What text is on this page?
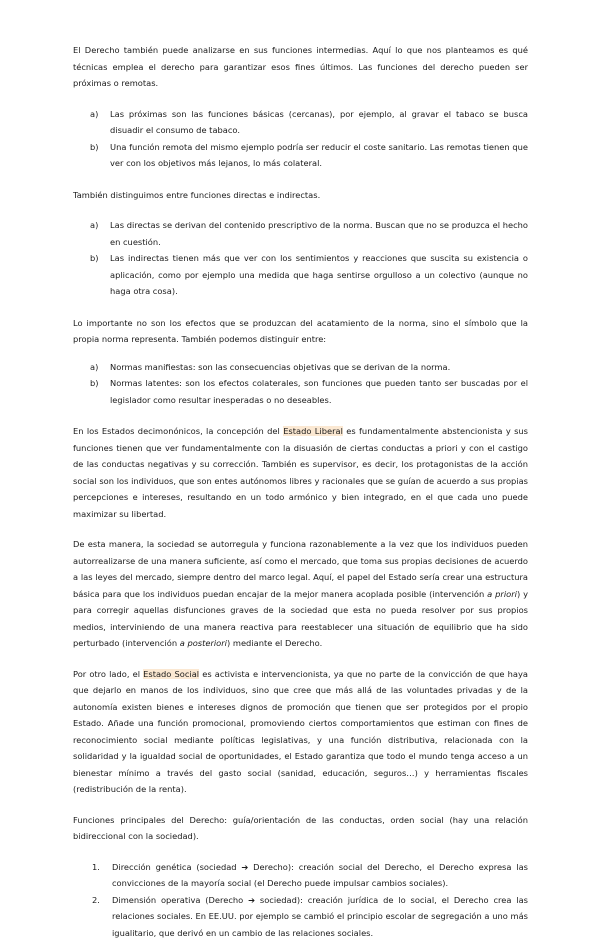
El Derecho también puede analizarse en sus funciones intermedias. Aquí lo que nos planteamos es qué técnicas emplea el derecho para garantizar esos fines últimos. Las funciones del derecho pueden ser próximas o remotas.

a) Las próximas son las funciones básicas (cercanas), por ejemplo, al gravar el tabaco se busca disuadir el consumo de tabaco.
b) Una función remota del mismo ejemplo podría ser reducir el coste sanitario. Las remotas tienen que ver con los objetivos más lejanos, lo más colateral.

También distinguimos entre funciones directas e indirectas.

a) Las directas se derivan del contenido prescriptivo de la norma. Buscan que no se produzca el hecho en cuestión.
b) Las indirectas tienen más que ver con los sentimientos y reacciones que suscita su existencia o aplicación, como por ejemplo una medida que haga sentirse orgulloso a un colectivo (aunque no haga otra cosa).

Lo importante no son los efectos que se produzcan del acatamiento de la norma, sino el símbolo que la propia norma representa. También podemos distinguir entre:

a) Normas manifiestas: son las consecuencias objetivas que se derivan de la norma.
b) Normas latentes: son los efectos colaterales, son funciones que pueden tanto ser buscadas por el legislador como resultar inesperadas o no deseables.

En los Estados decimonónicos, la concepción del Estado Liberal es fundamentalmente abstencionista y sus funciones tienen que ver fundamentalmente con la disuasión de ciertas conductas a priori y con el castigo de las conductas negativas y su corrección. También es supervisor, es decir, los protagonistas de la acción social son los individuos, que son entes autónomos libres y racionales que se guían de acuerdo a sus propias percepciones e intereses, resultando en un todo armónico y bien integrado, en el que cada uno puede maximizar su libertad.

De esta manera, la sociedad se autorregula y funciona razonablemente a la vez que los individuos pueden autorrealizarse de una manera suficiente, así como el mercado, que toma sus propias decisiones de acuerdo a las leyes del mercado, siempre dentro del marco legal. Aquí, el papel del Estado sería crear una estructura básica para que los individuos puedan encajar de la mejor manera acoplada posible (intervención a priori) y para corregir aquellas disfunciones graves de la sociedad que esta no pueda resolver por sus propios medios, interviniendo de una manera reactiva para reestablecer una situación de equilibrio que ha sido perturbado (intervención a posteriori) mediante el Derecho.

Por otro lado, el Estado Social es activista e intervencionista, ya que no parte de la convicción de que haya que dejarlo en manos de los individuos, sino que cree que más allá de las voluntades privadas y de la autonomía existen bienes e intereses dignos de promoción que tienen que ser protegidos por el propio Estado. Añade una función promocional, promoviendo ciertos comportamientos que estiman con fines de reconocimiento social mediante políticas legislativas, y una función distributiva, relacionada con la solidaridad y la igualdad social de oportunidades, el Estado garantiza que todo el mundo tenga acceso a un bienestar mínimo a través del gasto social (sanidad, educación, seguros…) y herramientas fiscales (redistribución de la renta).

Funciones principales del Derecho: guía/orientación de las conductas, orden social (hay una relación bidireccional con la sociedad).

1. Dirección genética (sociedad ➔ Derecho): creación social del Derecho, el Derecho expresa las convicciones de la mayoría social (el Derecho puede impulsar cambios sociales).
2. Dimensión operativa (Derecho ➔ sociedad): creación jurídica de lo social, el Derecho crea las relaciones sociales. En EE.UU. por ejemplo se cambió el principio escolar de segregación a uno más igualitario, que derivó en un cambio de las relaciones sociales.
